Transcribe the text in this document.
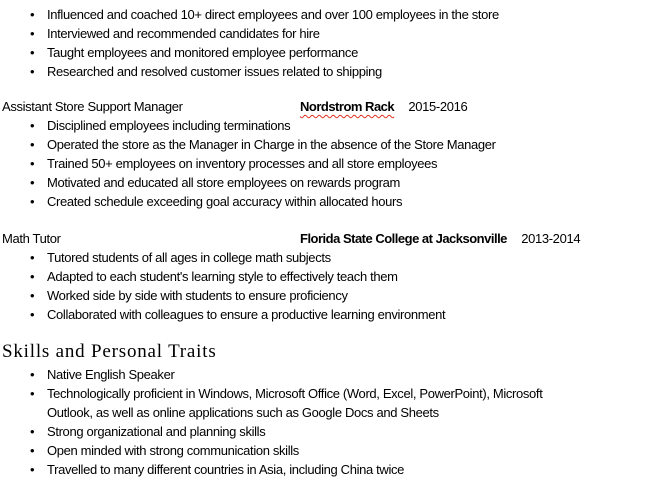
• Influenced and coached 10+ direct employees and over 100 employees in the store
• Interviewed and recommended candidates for hire
• Taught employees and monitored employee performance
• Researched and resolved customer issues related to shipping
Assistant Store Support Manager	Nordstrom Rack 2015-2016
• Disciplined employees including terminations
• Operated the store as the Manager in Charge in the absence of the Store Manager
• Trained 50+ employees on inventory processes and all store employees
• Motivated and educated all store employees on rewards program
• Created schedule exceeding goal accuracy within allocated hours
Math Tutor	Florida State College at Jacksonville 2013-2014
• Tutored students of all ages in college math subjects
• Adapted to each student's learning style to effectively teach them
• Worked side by side with students to ensure proficiency
• Collaborated with colleagues to ensure a productive learning environment
Skills and Personal Traits
• Native English Speaker
• Technologically proficient in Windows, Microsoft Office (Word, Excel, PowerPoint), Microsoft Outlook, as well as online applications such as Google Docs and Sheets
• Strong organizational and planning skills
• Open minded with strong communication skills
• Travelled to many different countries in Asia, including China twice
